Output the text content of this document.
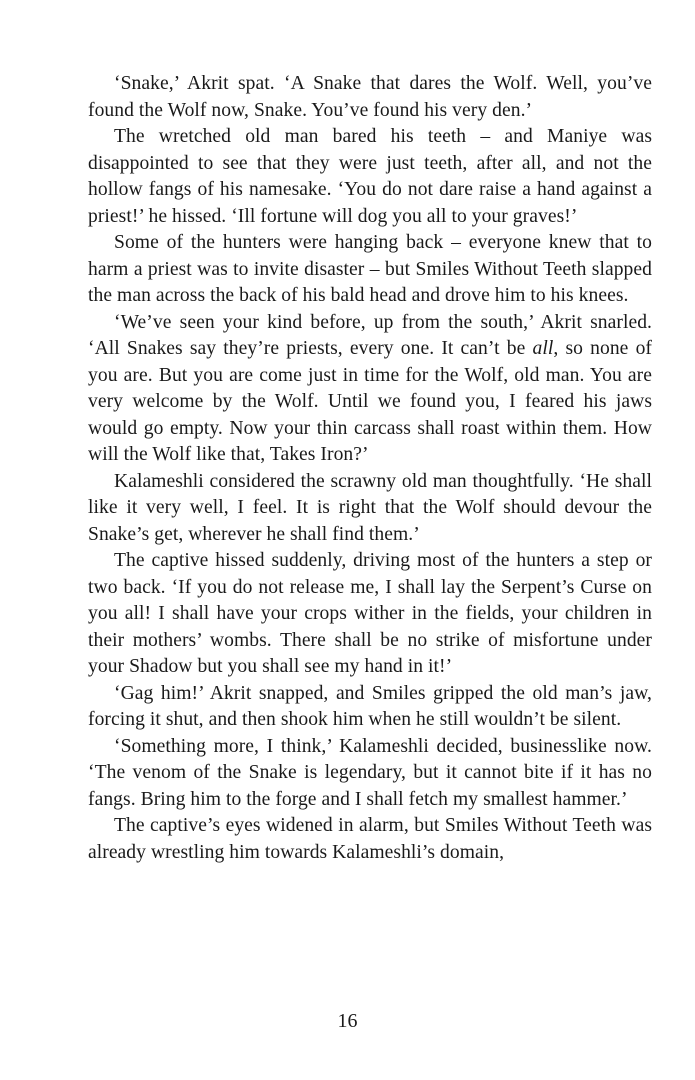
‘Snake,’ Akrit spat. ‘A Snake that dares the Wolf. Well, you’ve found the Wolf now, Snake. You’ve found his very den.’

The wretched old man bared his teeth – and Maniye was disappointed to see that they were just teeth, after all, and not the hollow fangs of his namesake. ‘You do not dare raise a hand against a priest!’ he hissed. ‘Ill fortune will dog you all to your graves!’

Some of the hunters were hanging back – everyone knew that to harm a priest was to invite disaster – but Smiles Without Teeth slapped the man across the back of his bald head and drove him to his knees.

‘We’ve seen your kind before, up from the south,’ Akrit snarled. ‘All Snakes say they’re priests, every one. It can’t be all, so none of you are. But you are come just in time for the Wolf, old man. You are very welcome by the Wolf. Until we found you, I feared his jaws would go empty. Now your thin carcass shall roast within them. How will the Wolf like that, Takes Iron?’

Kalameshli considered the scrawny old man thoughtfully. ‘He shall like it very well, I feel. It is right that the Wolf should devour the Snake’s get, wherever he shall find them.’

The captive hissed suddenly, driving most of the hunters a step or two back. ‘If you do not release me, I shall lay the Serpent’s Curse on you all! I shall have your crops wither in the fields, your children in their mothers’ wombs. There shall be no strike of misfortune under your Shadow but you shall see my hand in it!’

‘Gag him!’ Akrit snapped, and Smiles gripped the old man’s jaw, forcing it shut, and then shook him when he still wouldn’t be silent.

‘Something more, I think,’ Kalameshli decided, businesslike now. ‘The venom of the Snake is legendary, but it cannot bite if it has no fangs. Bring him to the forge and I shall fetch my smallest hammer.’

The captive’s eyes widened in alarm, but Smiles Without Teeth was already wrestling him towards Kalameshli’s domain,

16
